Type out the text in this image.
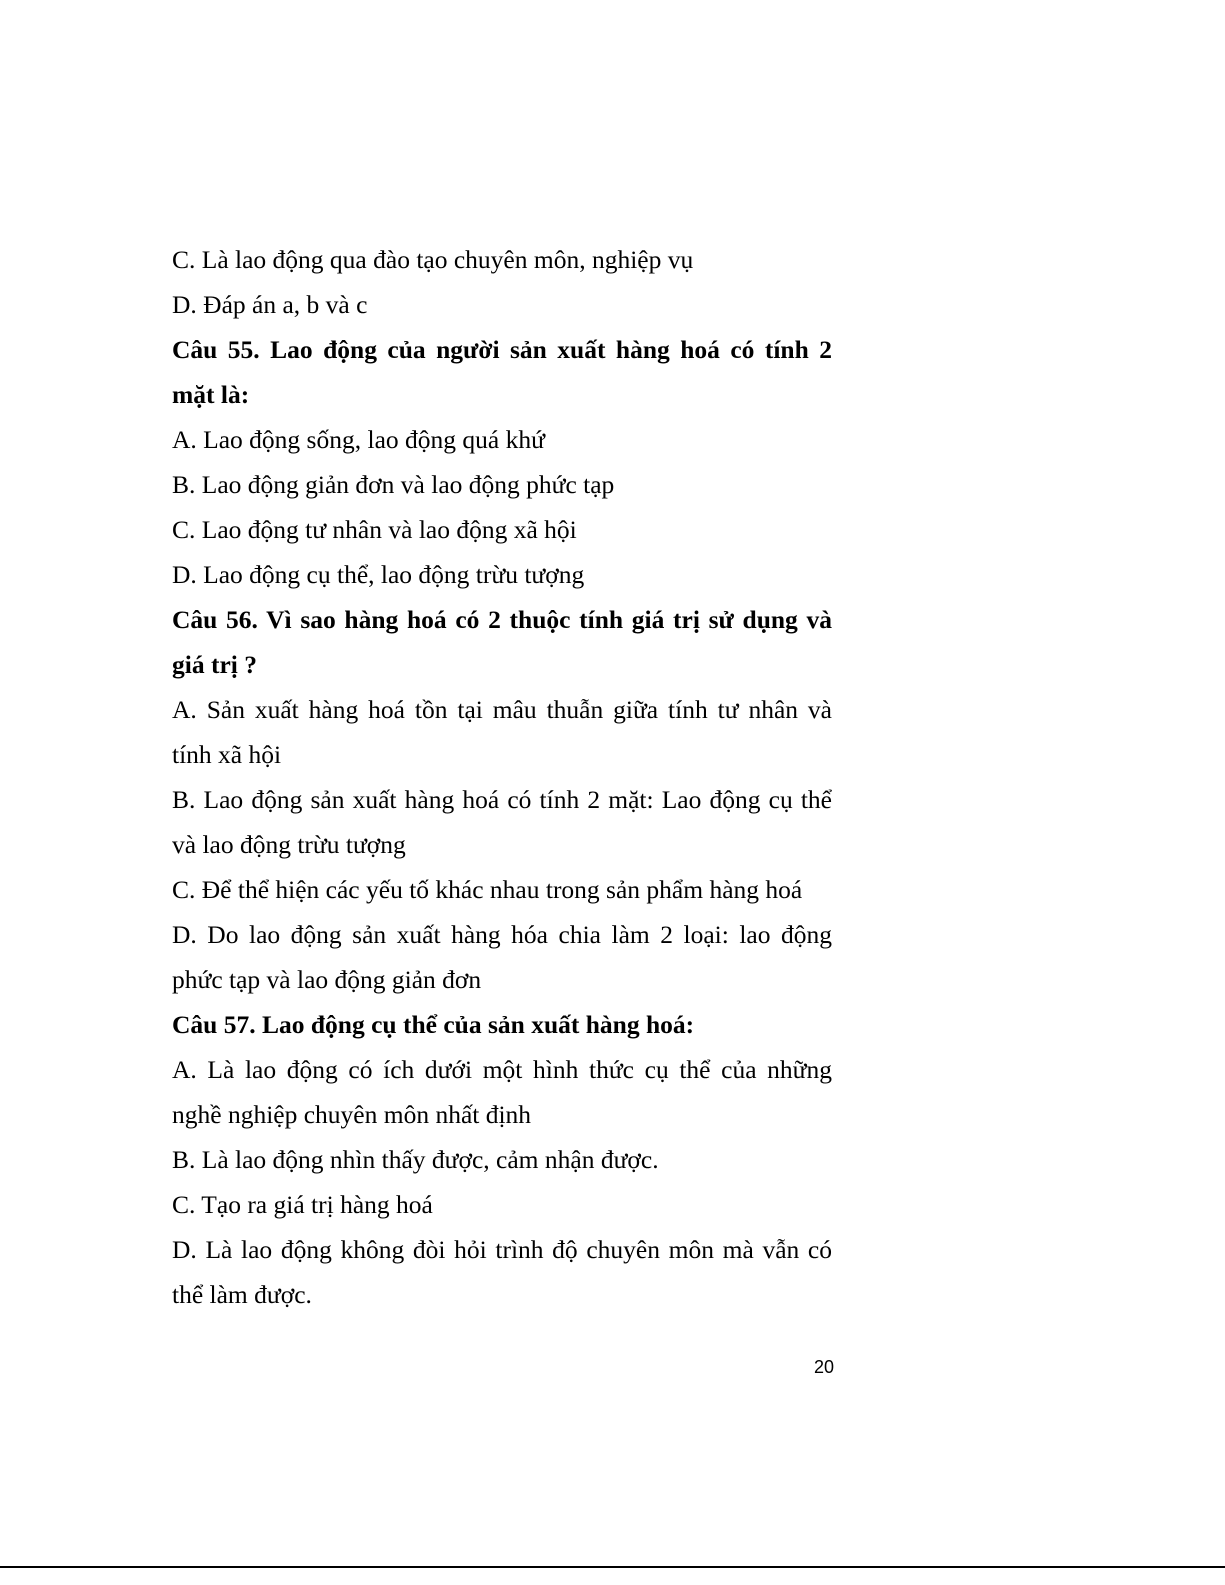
C. Là lao động qua đào tạo chuyên môn, nghiệp vụ

D. Đáp án a, b và c

Câu 55. Lao động của người sản xuất hàng hoá có tính 2

mặt là:

A. Lao động sống, lao động quá khứ

B. Lao động giản đơn và lao động phức tạp

C. Lao động tư nhân và lao động xã hội

D. Lao động cụ thể, lao động trừu tượng

Câu 56. Vì sao hàng hoá có 2 thuộc tính giá trị sử dụng và

giá trị ?

A. Sản xuất hàng hoá tồn tại mâu thuẫn giữa tính tư nhân và

tính xã hội

B. Lao động sản xuất hàng hoá có tính 2 mặt: Lao động cụ thể

và lao động trừu tượng

C. Để thể hiện các yếu tố khác nhau trong sản phẩm hàng hoá

D. Do lao động sản xuất hàng hóa chia làm 2 loại: lao động

phức tạp và lao động giản đơn

Câu 57. Lao động cụ thể của sản xuất hàng hoá:

A. Là lao động có ích dưới một hình thức cụ thể của những

nghề nghiệp chuyên môn nhất định

B. Là lao động nhìn thấy được, cảm nhận được.

C. Tạo ra giá trị hàng hoá

D. Là lao động không đòi hỏi trình độ chuyên môn mà vẫn có

thể làm được.

20
